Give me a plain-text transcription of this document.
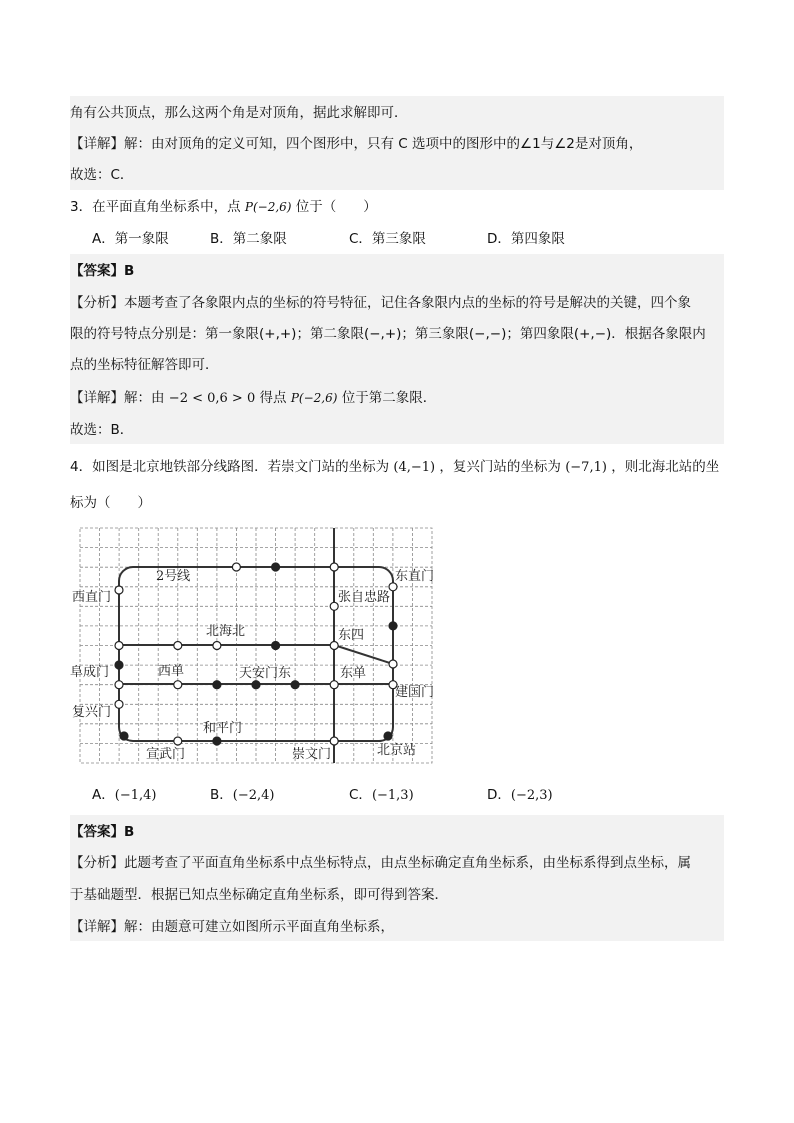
角有公共顶点，那么这两个角是对顶角，据此求解即可．
【详解】解：由对顶角的定义可知，四个图形中，只有 C 选项中的图形中的∠1与∠2是对顶角，
故选：C．
3．在平面直角坐标系中，点 P(−2,6) 位于（　　）
A．第一象限	B．第二象限	C．第三象限	D．第四象限
【答案】B
【分析】本题考查了各象限内点的坐标的符号特征，记住各象限内点的坐标的符号是解决的关键，四个象
限的符号特点分别是：第一象限(+,+)；第二象限(−,+)；第三象限(−,−)；第四象限(+,−)．根据各象限内
点的坐标特征解答即可．
【详解】解：由 −2 < 0,6 > 0 得点 P(−2,6) 位于第二象限．
故选：B．
4．如图是北京地铁部分线路图．若崇文门站的坐标为 (4,−1) ，复兴门站的坐标为 (−7,1) ，则北海北站的坐
标为（　　）
2号线
西直门
东直门
张自忠路
北海北	东四
阜成门	西单	天安门东	东单
建国门
复兴门
和平门
宣武门	崇文门	北京站
A．(−1,4)	B．(−2,4)	C．(−1,3)	D．(−2,3)
【答案】B
【分析】此题考查了平面直角坐标系中点坐标特点，由点坐标确定直角坐标系，由坐标系得到点坐标，属
于基础题型．根据已知点坐标确定直角坐标系，即可得到答案．
【详解】解：由题意可建立如图所示平面直角坐标系，
